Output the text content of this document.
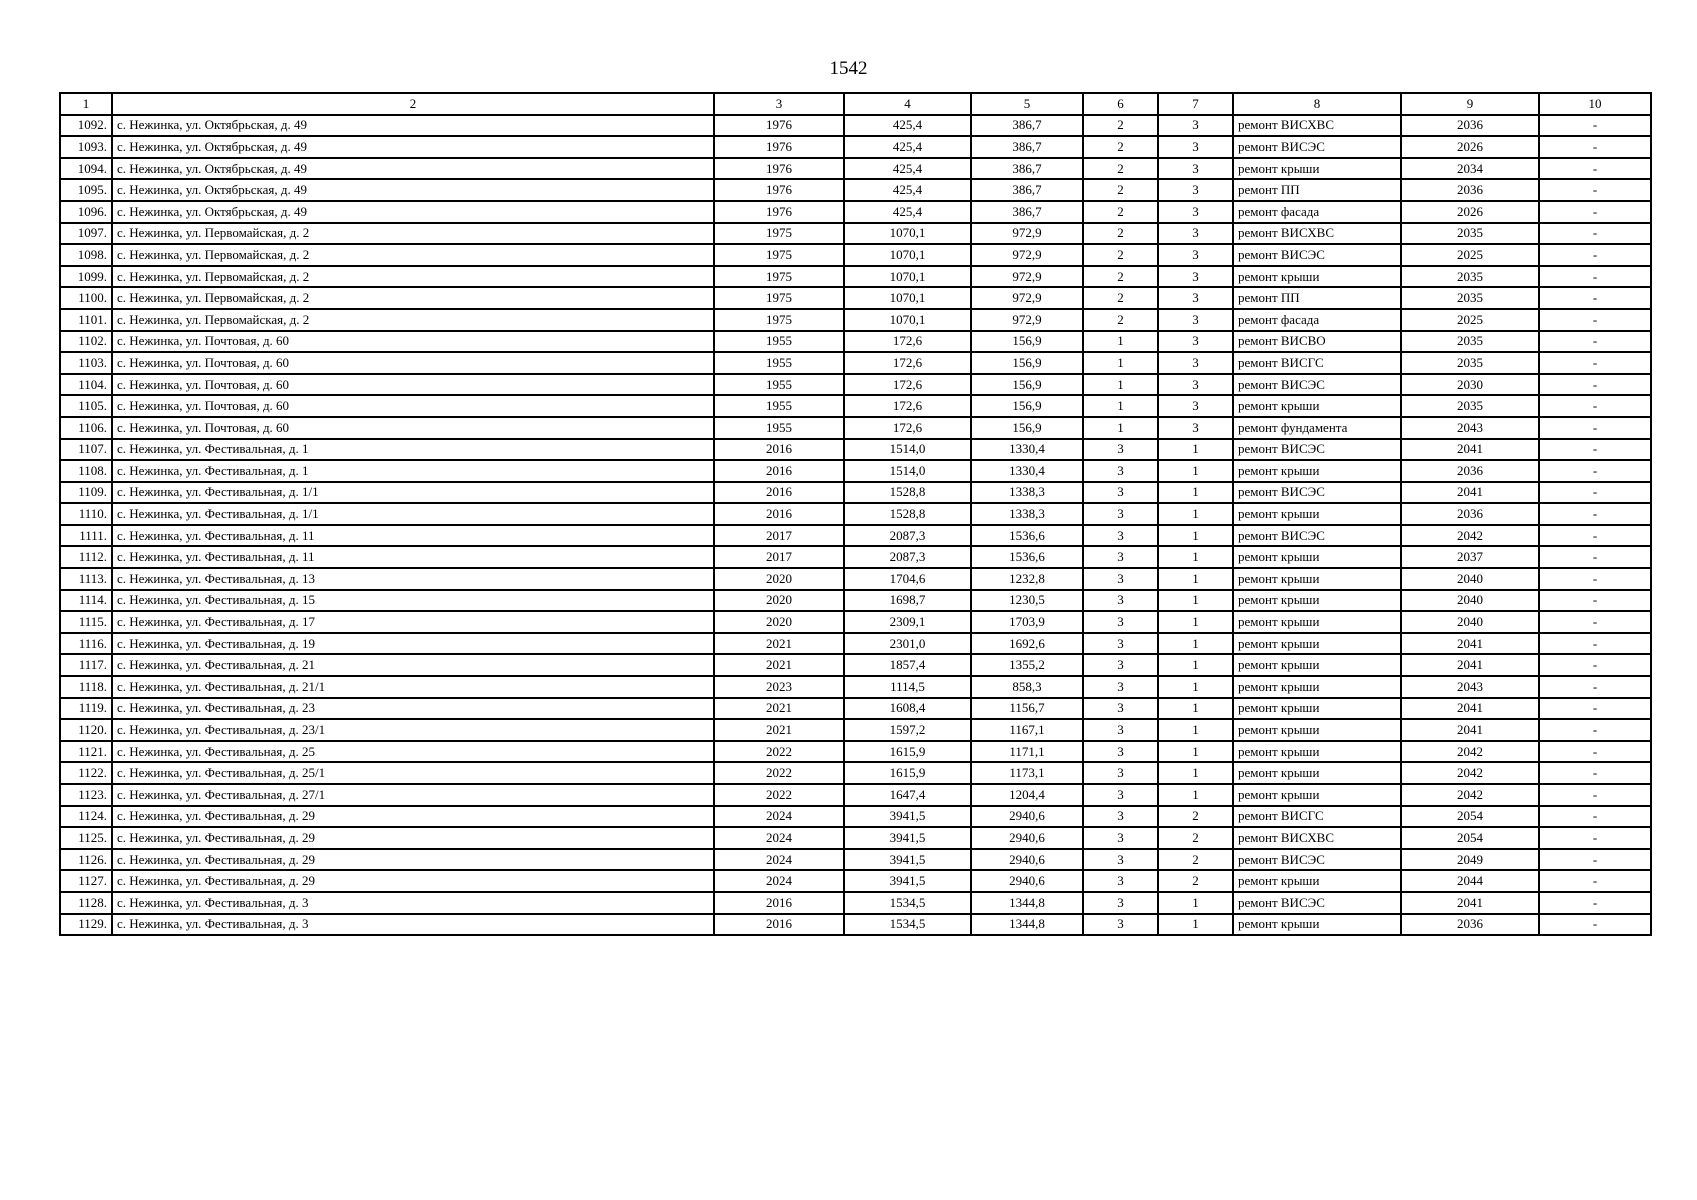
1542
1	2	3	4	5	6	7	8	9	10
1092.	с. Нежинка, ул. Октябрьская, д. 49	1976	425,4	386,7	2	3	ремонт ВИСХВС	2036	-
1093.	с. Нежинка, ул. Октябрьская, д. 49	1976	425,4	386,7	2	3	ремонт ВИСЭС	2026	-
1094.	с. Нежинка, ул. Октябрьская, д. 49	1976	425,4	386,7	2	3	ремонт крыши	2034	-
1095.	с. Нежинка, ул. Октябрьская, д. 49	1976	425,4	386,7	2	3	ремонт ПП	2036	-
1096.	с. Нежинка, ул. Октябрьская, д. 49	1976	425,4	386,7	2	3	ремонт фасада	2026	-
1097.	с. Нежинка, ул. Первомайская, д. 2	1975	1070,1	972,9	2	3	ремонт ВИСХВС	2035	-
1098.	с. Нежинка, ул. Первомайская, д. 2	1975	1070,1	972,9	2	3	ремонт ВИСЭС	2025	-
1099.	с. Нежинка, ул. Первомайская, д. 2	1975	1070,1	972,9	2	3	ремонт крыши	2035	-
1100.	с. Нежинка, ул. Первомайская, д. 2	1975	1070,1	972,9	2	3	ремонт ПП	2035	-
1101.	с. Нежинка, ул. Первомайская, д. 2	1975	1070,1	972,9	2	3	ремонт фасада	2025	-
1102.	с. Нежинка, ул. Почтовая, д. 60	1955	172,6	156,9	1	3	ремонт ВИСВО	2035	-
1103.	с. Нежинка, ул. Почтовая, д. 60	1955	172,6	156,9	1	3	ремонт ВИСГС	2035	-
1104.	с. Нежинка, ул. Почтовая, д. 60	1955	172,6	156,9	1	3	ремонт ВИСЭС	2030	-
1105.	с. Нежинка, ул. Почтовая, д. 60	1955	172,6	156,9	1	3	ремонт крыши	2035	-
1106.	с. Нежинка, ул. Почтовая, д. 60	1955	172,6	156,9	1	3	ремонт фундамента	2043	-
1107.	с. Нежинка, ул. Фестивальная, д. 1	2016	1514,0	1330,4	3	1	ремонт ВИСЭС	2041	-
1108.	с. Нежинка, ул. Фестивальная, д. 1	2016	1514,0	1330,4	3	1	ремонт крыши	2036	-
1109.	с. Нежинка, ул. Фестивальная, д. 1/1	2016	1528,8	1338,3	3	1	ремонт ВИСЭС	2041	-
1110.	с. Нежинка, ул. Фестивальная, д. 1/1	2016	1528,8	1338,3	3	1	ремонт крыши	2036	-
1111.	с. Нежинка, ул. Фестивальная, д. 11	2017	2087,3	1536,6	3	1	ремонт ВИСЭС	2042	-
1112.	с. Нежинка, ул. Фестивальная, д. 11	2017	2087,3	1536,6	3	1	ремонт крыши	2037	-
1113.	с. Нежинка, ул. Фестивальная, д. 13	2020	1704,6	1232,8	3	1	ремонт крыши	2040	-
1114.	с. Нежинка, ул. Фестивальная, д. 15	2020	1698,7	1230,5	3	1	ремонт крыши	2040	-
1115.	с. Нежинка, ул. Фестивальная, д. 17	2020	2309,1	1703,9	3	1	ремонт крыши	2040	-
1116.	с. Нежинка, ул. Фестивальная, д. 19	2021	2301,0	1692,6	3	1	ремонт крыши	2041	-
1117.	с. Нежинка, ул. Фестивальная, д. 21	2021	1857,4	1355,2	3	1	ремонт крыши	2041	-
1118.	с. Нежинка, ул. Фестивальная, д. 21/1	2023	1114,5	858,3	3	1	ремонт крыши	2043	-
1119.	с. Нежинка, ул. Фестивальная, д. 23	2021	1608,4	1156,7	3	1	ремонт крыши	2041	-
1120.	с. Нежинка, ул. Фестивальная, д. 23/1	2021	1597,2	1167,1	3	1	ремонт крыши	2041	-
1121.	с. Нежинка, ул. Фестивальная, д. 25	2022	1615,9	1171,1	3	1	ремонт крыши	2042	-
1122.	с. Нежинка, ул. Фестивальная, д. 25/1	2022	1615,9	1173,1	3	1	ремонт крыши	2042	-
1123.	с. Нежинка, ул. Фестивальная, д. 27/1	2022	1647,4	1204,4	3	1	ремонт крыши	2042	-
1124.	с. Нежинка, ул. Фестивальная, д. 29	2024	3941,5	2940,6	3	2	ремонт ВИСГС	2054	-
1125.	с. Нежинка, ул. Фестивальная, д. 29	2024	3941,5	2940,6	3	2	ремонт ВИСХВС	2054	-
1126.	с. Нежинка, ул. Фестивальная, д. 29	2024	3941,5	2940,6	3	2	ремонт ВИСЭС	2049	-
1127.	с. Нежинка, ул. Фестивальная, д. 29	2024	3941,5	2940,6	3	2	ремонт крыши	2044	-
1128.	с. Нежинка, ул. Фестивальная, д. 3	2016	1534,5	1344,8	3	1	ремонт ВИСЭС	2041	-
1129.	с. Нежинка, ул. Фестивальная, д. 3	2016	1534,5	1344,8	3	1	ремонт крыши	2036	-
